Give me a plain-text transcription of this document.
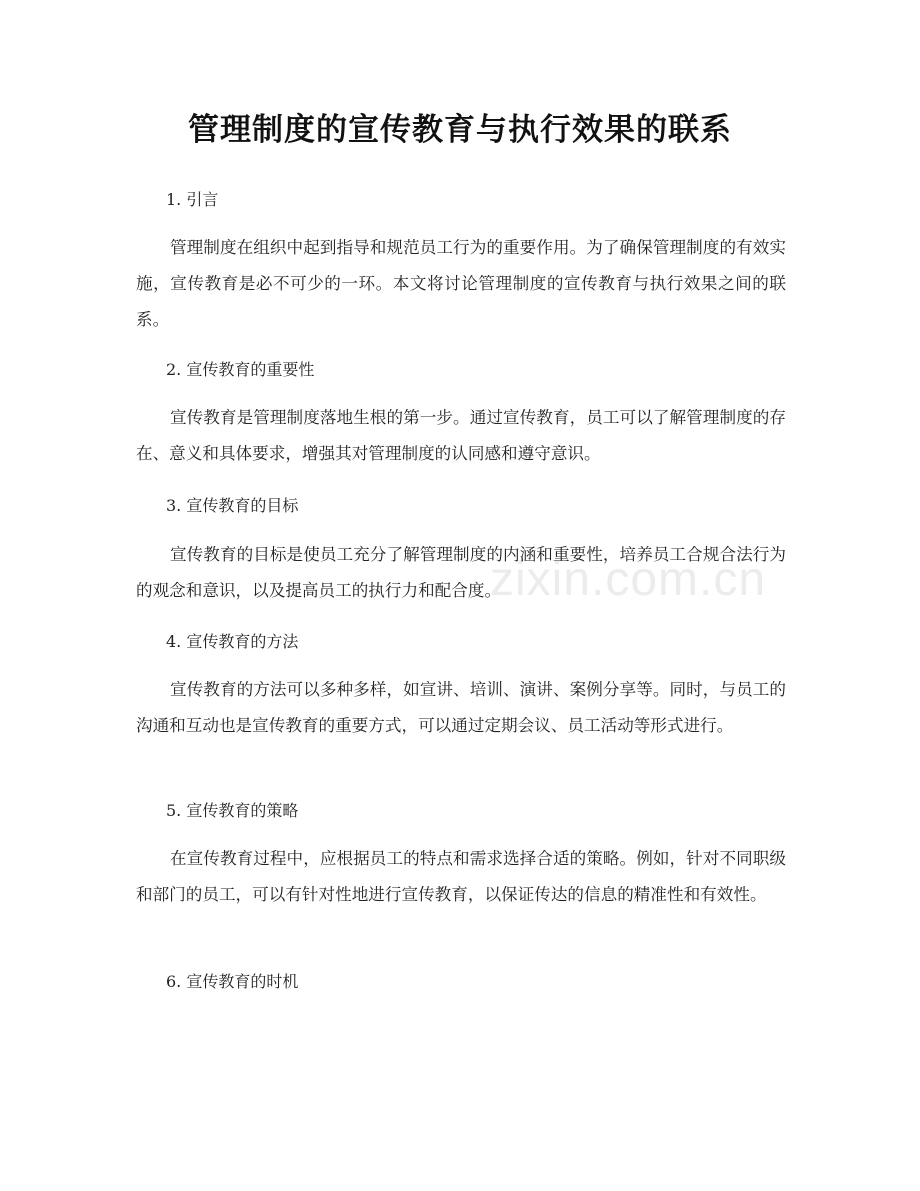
zixin.com.cn
管理制度的宣传教育与执行效果的联系

1. 引言

管理制度在组织中起到指导和规范员工行为的重要作用。为了确保管理制度的有效实施，宣传教育是必不可少的一环。本文将讨论管理制度的宣传教育与执行效果之间的联系。

2. 宣传教育的重要性

宣传教育是管理制度落地生根的第一步。通过宣传教育，员工可以了解管理制度的存在、意义和具体要求，增强其对管理制度的认同感和遵守意识。

3. 宣传教育的目标

宣传教育的目标是使员工充分了解管理制度的内涵和重要性，培养员工合规合法行为的观念和意识，以及提高员工的执行力和配合度。

4. 宣传教育的方法

宣传教育的方法可以多种多样，如宣讲、培训、演讲、案例分享等。同时，与员工的沟通和互动也是宣传教育的重要方式，可以通过定期会议、员工活动等形式进行。

5. 宣传教育的策略

在宣传教育过程中，应根据员工的特点和需求选择合适的策略。例如，针对不同职级和部门的员工，可以有针对性地进行宣传教育，以保证传达的信息的精准性和有效性。

6. 宣传教育的时机
